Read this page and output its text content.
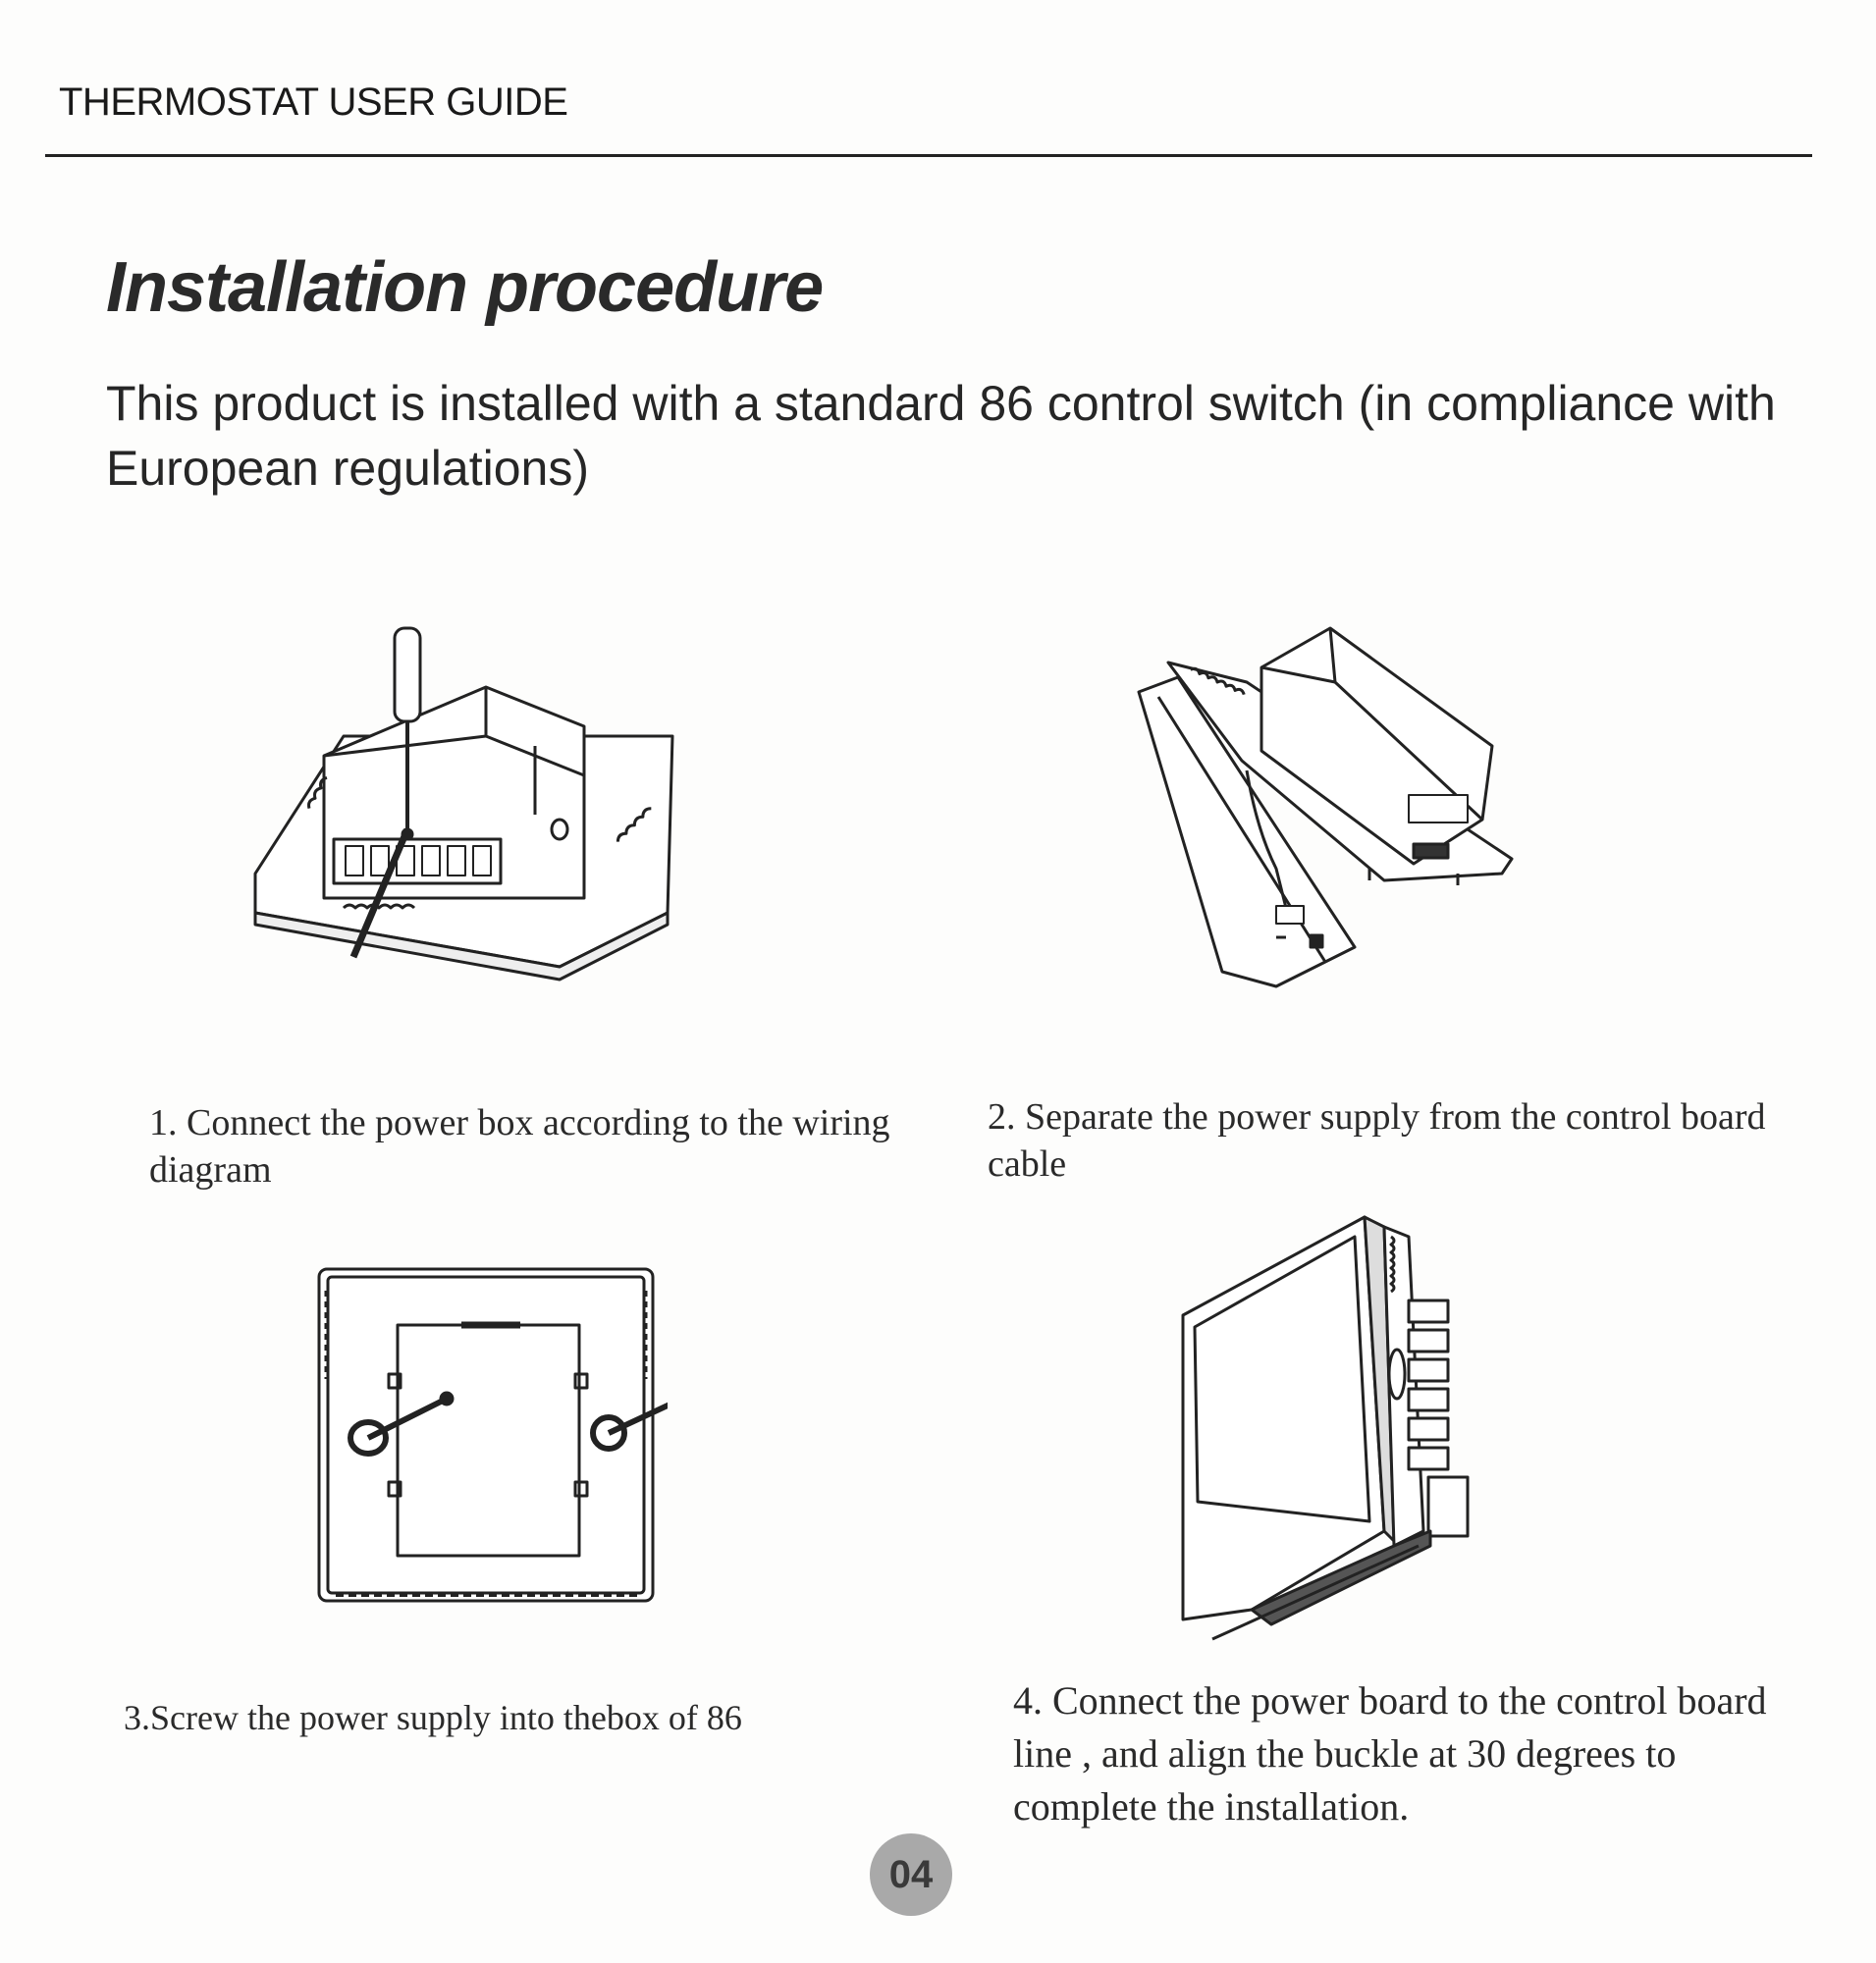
THERMOSTAT USER GUIDE
Installation procedure
This product is installed with a standard 86 control switch (in compliance with European regulations)
1. Connect the power box according to the wiring diagram
2. Separate the power supply from the control board cable
3.Screw the power supply into thebox of 86	4. Connect the power board to the control board line , and align the buckle at 30 degrees to complete the installation.
04
